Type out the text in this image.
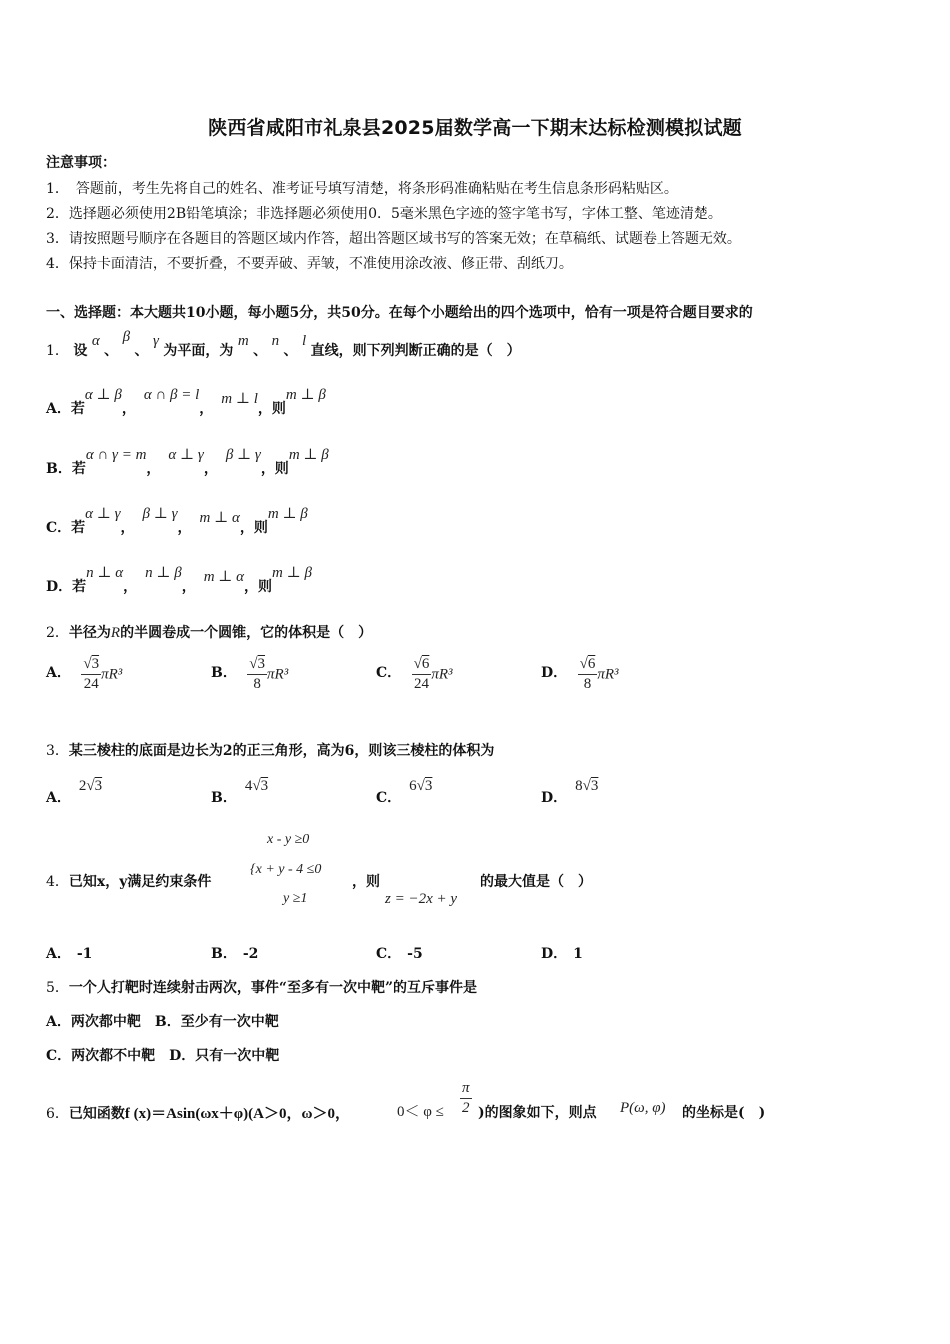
陕西省咸阳市礼泉县2025届数学高一下期末达标检测模拟试题
注意事项：
1．　答题前，考生先将自己的姓名、准考证号填写清楚，将条形码准确粘贴在考生信息条形码粘贴区。
2．选择题必须使用2B铅笔填涂；非选择题必须使用0．5毫米黑色字迹的签字笔书写，字体工整、笔迹清楚。
3．请按照题号顺序在各题目的答题区域内作答，超出答题区域书写的答案无效；在草稿纸、试题卷上答题无效。
4．保持卡面清洁，不要折叠，不要弄破、弄皱，不准使用涂改液、修正带、刮纸刀。
一、选择题：本大题共10小题，每小题5分，共50分。在每个小题给出的四个选项中，恰有一项是符合题目要求的
1． 设 α 、 β 、 γ 为平面，为 m 、 n 、 l 直线，则下列判断正确的是（　）
A．若α ⊥ β，α ∩ β = l，m ⊥ l，则m ⊥ β
B．若α ∩ γ = m，α ⊥ γ，β ⊥ γ，则m ⊥ β
C．若α ⊥ γ，β ⊥ γ，m ⊥ α，则m ⊥ β
D．若n ⊥ α，n ⊥ β，m ⊥ α，则m ⊥ β
2．半径为R的半圆卷成一个圆锥，它的体积是（　）
A． $\frac{√3}{24} \pi R^3$	B． $\frac{√3}{8} \pi R^3$	C． $\frac{√6}{24} \pi R^3$	D． $\frac{√6}{8} \pi R^3$
3．某三棱柱的底面是边长为2的正三角形，高为6，则该三棱柱的体积为
A．2√3
B．4√3
C．6√3
D．8√3
x - y ≥0
{x + y - 4 ≤0
y ≥1
4．已知x，y满足约束条件	，则
z = −2x + y
的最大值是（　）
A． -1	B． -2	C． -5	D． 1
5．一个人打靶时连续射击两次，事件“至多有一次中靶”的互斥事件是
A．两次都中靶　B．至少有一次中靶
C．两次都不中靶　D．只有一次中靶
6．已知函数f (x)＝Asin(ωx＋φ)(A＞0，ω＞0，	$0< \varphi \le \frac{\pi}{2}$ )的图象如下，则点 P(ω, φ) 的坐标是(　)
